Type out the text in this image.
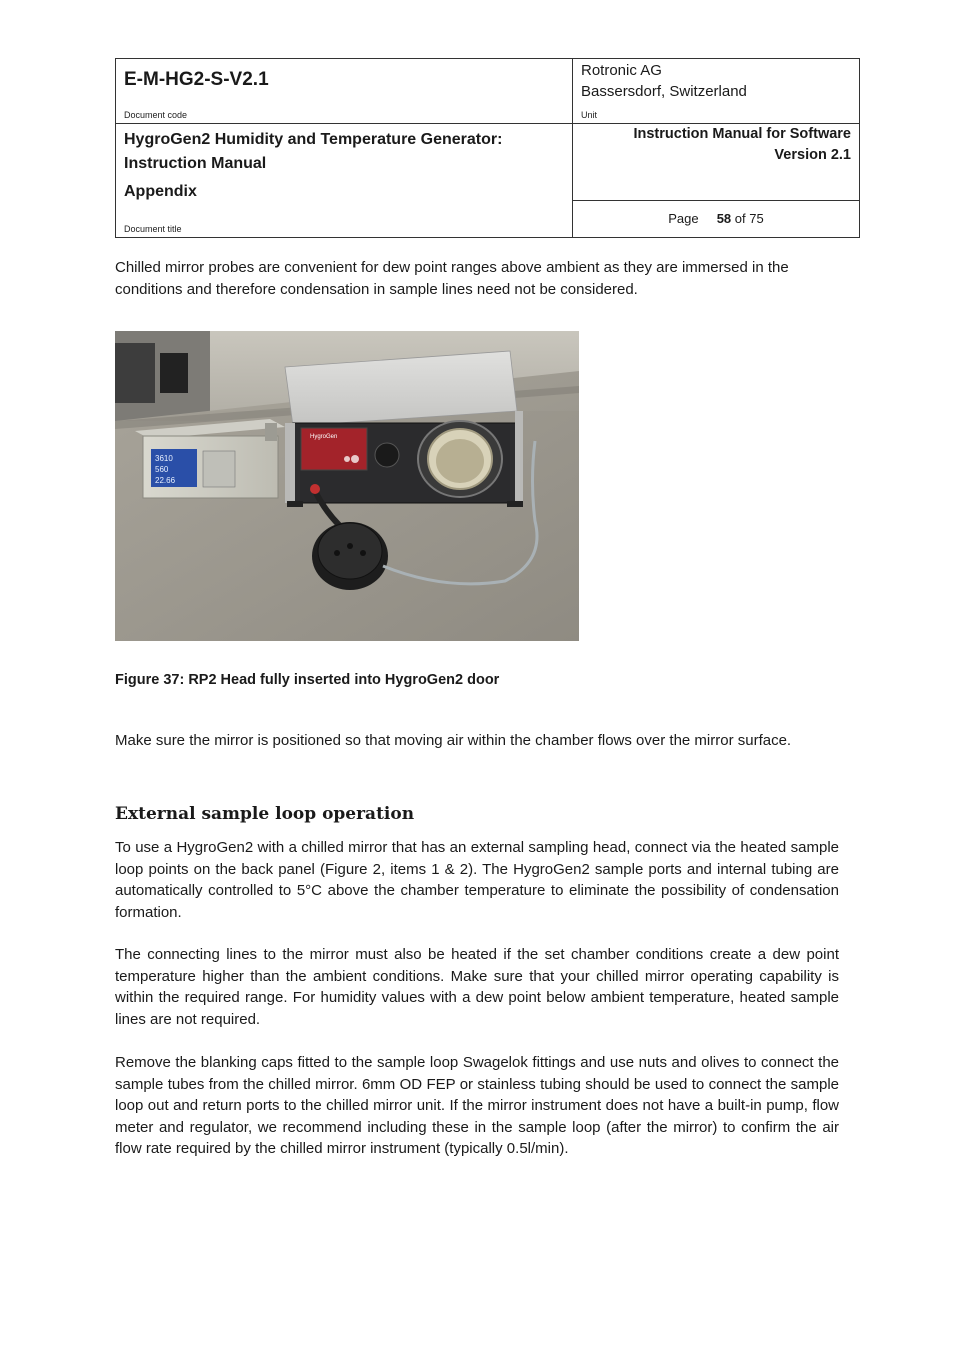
E-M-HG2-S-V2.1
Document code	Rotronic AG
Bassersdorf, Switzerland
Unit

HygroGen2 Humidity and Temperature Generator:
Instruction Manual
Appendix
Document title	Instruction Manual for Software
Version 2.1

	Page 58 of 75

Chilled mirror probes are convenient for dew point ranges above ambient as they are immersed in the conditions and therefore condensation in sample lines need not be considered.

3610
560
22.66
HygroGen
Figure 37: RP2 Head fully inserted into HygroGen2 door

Make sure the mirror is positioned so that moving air within the chamber flows over the mirror surface.

External sample loop operation

To use a HygroGen2 with a chilled mirror that has an external sampling head, connect via the heated sample loop points on the back panel (Figure 2, items 1 & 2). The HygroGen2 sample ports and internal tubing are automatically controlled to 5°C above the chamber temperature to eliminate the possibility of condensation formation.

The connecting lines to the mirror must also be heated if the set chamber conditions create a dew point temperature higher than the ambient conditions. Make sure that your chilled mirror operating capability is within the required range. For humidity values with a dew point below ambient temperature, heated sample lines are not required.

Remove the blanking caps fitted to the sample loop Swagelok fittings and use nuts and olives to connect the sample tubes from the chilled mirror. 6mm OD FEP or stainless tubing should be used to connect the sample loop out and return ports to the chilled mirror unit. If the mirror instrument does not have a built-in pump, flow meter and regulator, we recommend including these in the sample loop (after the mirror) to confirm the air flow rate required by the chilled mirror instrument (typically 0.5l/min).
